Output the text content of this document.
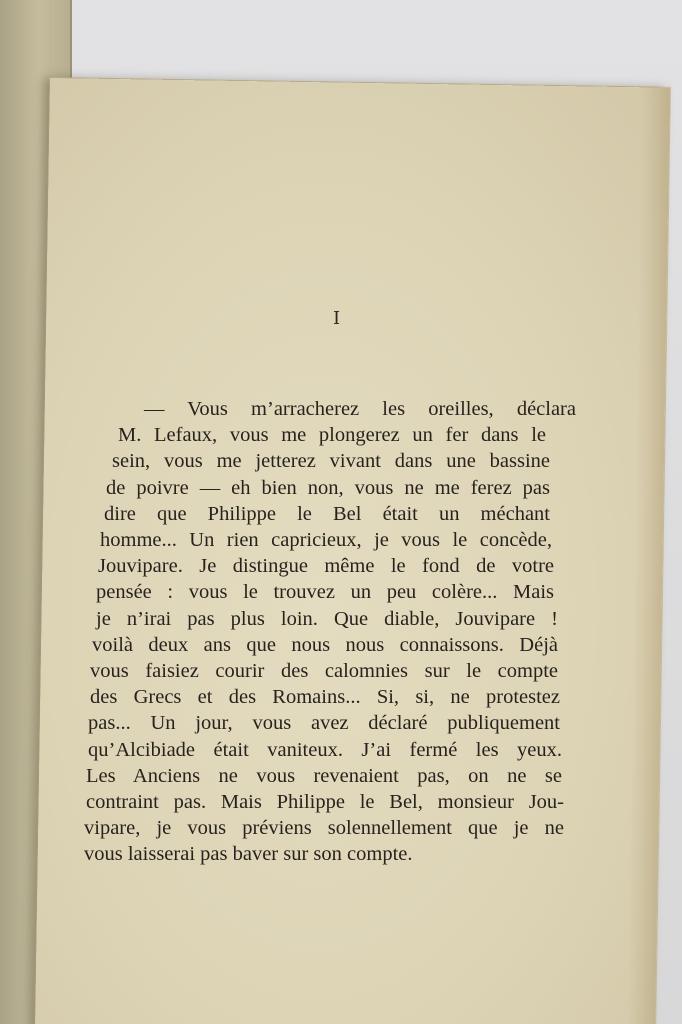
I
— Vous m’arracherez les oreilles, déclara
M. Lefaux, vous me plongerez un fer dans le
sein, vous me jetterez vivant dans une bassine
de poivre — eh bien non, vous ne me ferez pas
dire que Philippe le Bel était un méchant
homme... Un rien capricieux, je vous le concède,
Jouvipare. Je distingue même le fond de votre
pensée : vous le trouvez un peu colère... Mais
je n’irai pas plus loin. Que diable, Jouvipare !
voilà deux ans que nous nous connaissons. Déjà
vous faisiez courir des calomnies sur le compte
des Grecs et des Romains... Si, si, ne protestez
pas... Un jour, vous avez déclaré publiquement
qu’Alcibiade était vaniteux. J’ai fermé les yeux.
Les Anciens ne vous revenaient pas, on ne se
contraint pas. Mais Philippe le Bel, monsieur Jou-
vipare, je vous préviens solennellement que je ne
vous laisserai pas baver sur son compte.
